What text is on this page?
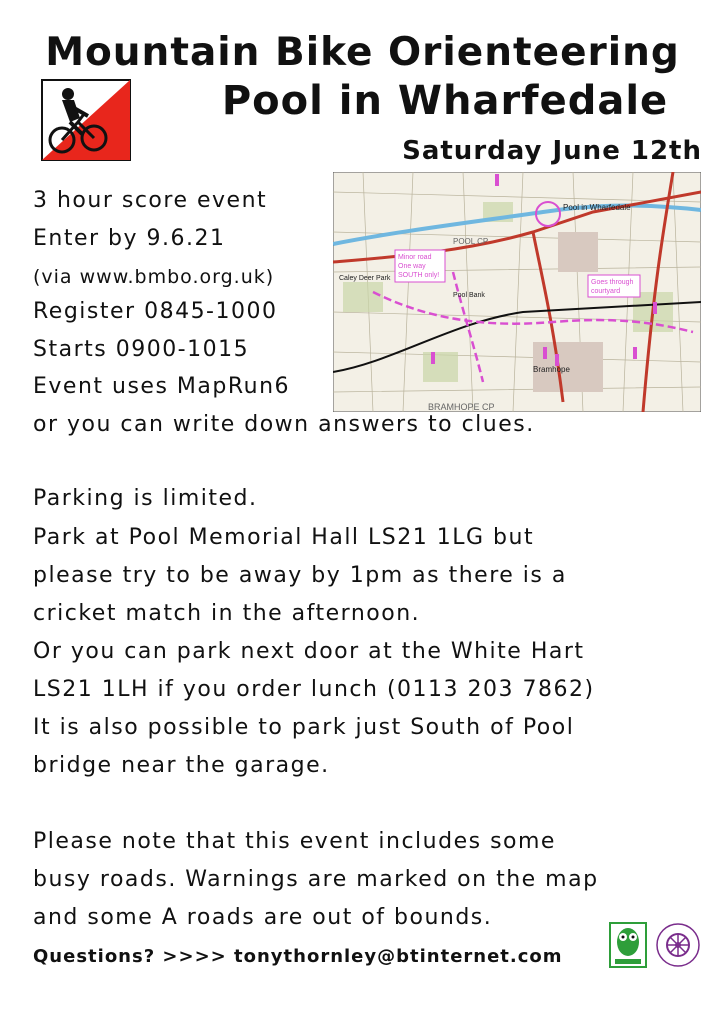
Mountain Bike Orienteering
Pool in Wharfedale
Saturday June 12th
Minor road
One way
SOUTH only!
Goes through
courtyard
Pool in Wharfedale
POOL CP
Bramhope
BRAMHOPE CP
Caley Deer Park
Pool Bank
3 hour score event
Enter by 9.6.21
(via www.bmbo.org.uk)
Register 0845-1000
Starts 0900-1015
Event uses MapRun6
or you can write down answers to clues.
Parking is limited.
Park at Pool Memorial Hall LS21 1LG but
please try to be away by 1pm as there is a
cricket match in the afternoon.
Or you can park next door at the White Hart
LS21 1LH if you order lunch (0113 203 7862)
It is also possible to park just South of Pool
bridge near the garage.
Please note that this event includes some
busy roads. Warnings are marked on the map
and some A roads are out of bounds.
Questions? >>>> tonythornley@btinternet.com
